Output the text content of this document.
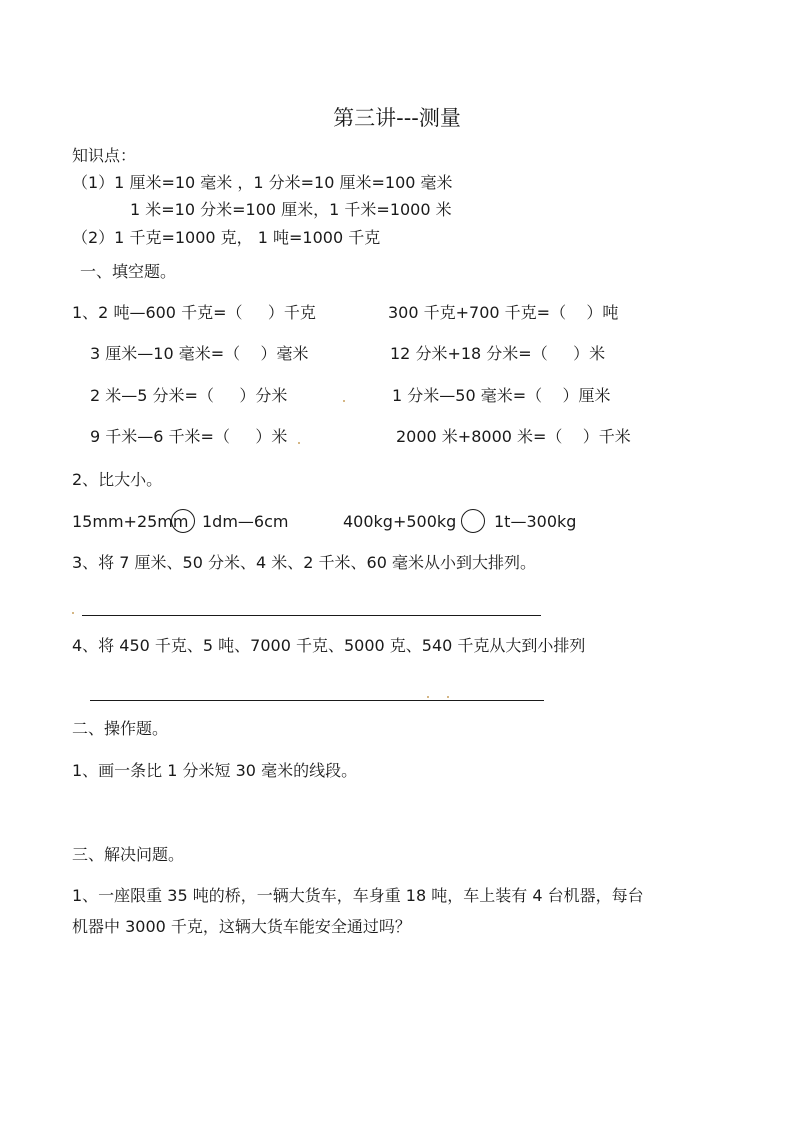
第三讲---测量
知识点：
（1）1 厘米=10 毫米 ，1 分米=10 厘米=100 毫米
1 米=10 分米=100 厘米，1 千米=1000 米
（2）1 千克=1000 克， 1 吨=1000 千克
一、填空题。
1、2 吨—600 千克=（     ）千克	300 千克+700 千克=（    ）吨
3 厘米—10 毫米=（    ）毫米	12 分米+18 分米=（     ）米
2 米—5 分米=（     ）分米	1 分米—50 毫米=（    ）厘米
9 千米—6 千米=（     ）米	2000 米+8000 米=（    ）千米
2、比大小。
15mm+25mm 1dm—6cm	400kg+500kg 1t—300kg
3、将 7 厘米、50 分米、4 米、2 千米、60 毫米从小到大排列。
4、将 450 千克、5 吨、7000 千克、5000 克、540 千克从大到小排列
二、操作题。
1、画一条比 1 分米短 30 毫米的线段。
三、解决问题。
1、一座限重 35 吨的桥，一辆大货车，车身重 18 吨，车上装有 4 台机器，每台
机器中 3000 千克，这辆大货车能安全通过吗？
